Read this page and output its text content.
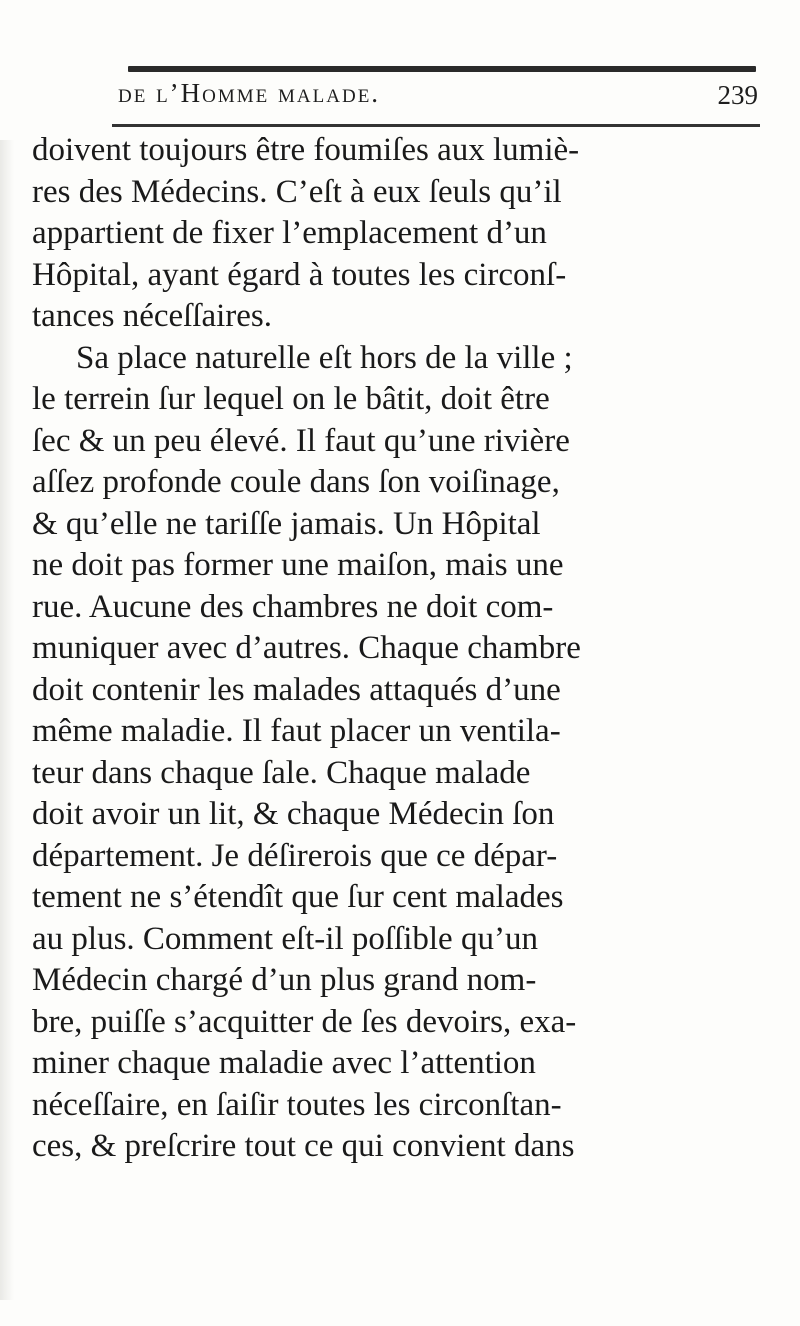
de l’Homme malade.	239
doivent toujours être foumiſes aux lumiè-
res des Médecins. C’eſt à eux ſeuls qu’il
appartient de fixer l’emplacement d’un
Hôpital, ayant égard à toutes les circonſ-
tances néceſſaires.
Sa place naturelle eſt hors de la ville ;
le terrein ſur lequel on le bâtit, doit être
ſec & un peu élevé. Il faut qu’une rivière
aſſez profonde coule dans ſon voiſinage,
& qu’elle ne tariſſe jamais. Un Hôpital
ne doit pas former une maiſon, mais une
rue. Aucune des chambres ne doit com-
muniquer avec d’autres. Chaque chambre
doit contenir les malades attaqués d’une
même maladie. Il faut placer un ventila-
teur dans chaque ſale. Chaque malade
doit avoir un lit, & chaque Médecin ſon
département. Je déſirerois que ce dépar-
tement ne s’étendît que ſur cent malades
au plus. Comment eſt-il poſſible qu’un
Médecin chargé d’un plus grand nom-
bre, puiſſe s’acquitter de ſes devoirs, exa-
miner chaque maladie avec l’attention
néceſſaire, en ſaiſir toutes les circonſtan-
ces, & preſcrire tout ce qui convient dans
